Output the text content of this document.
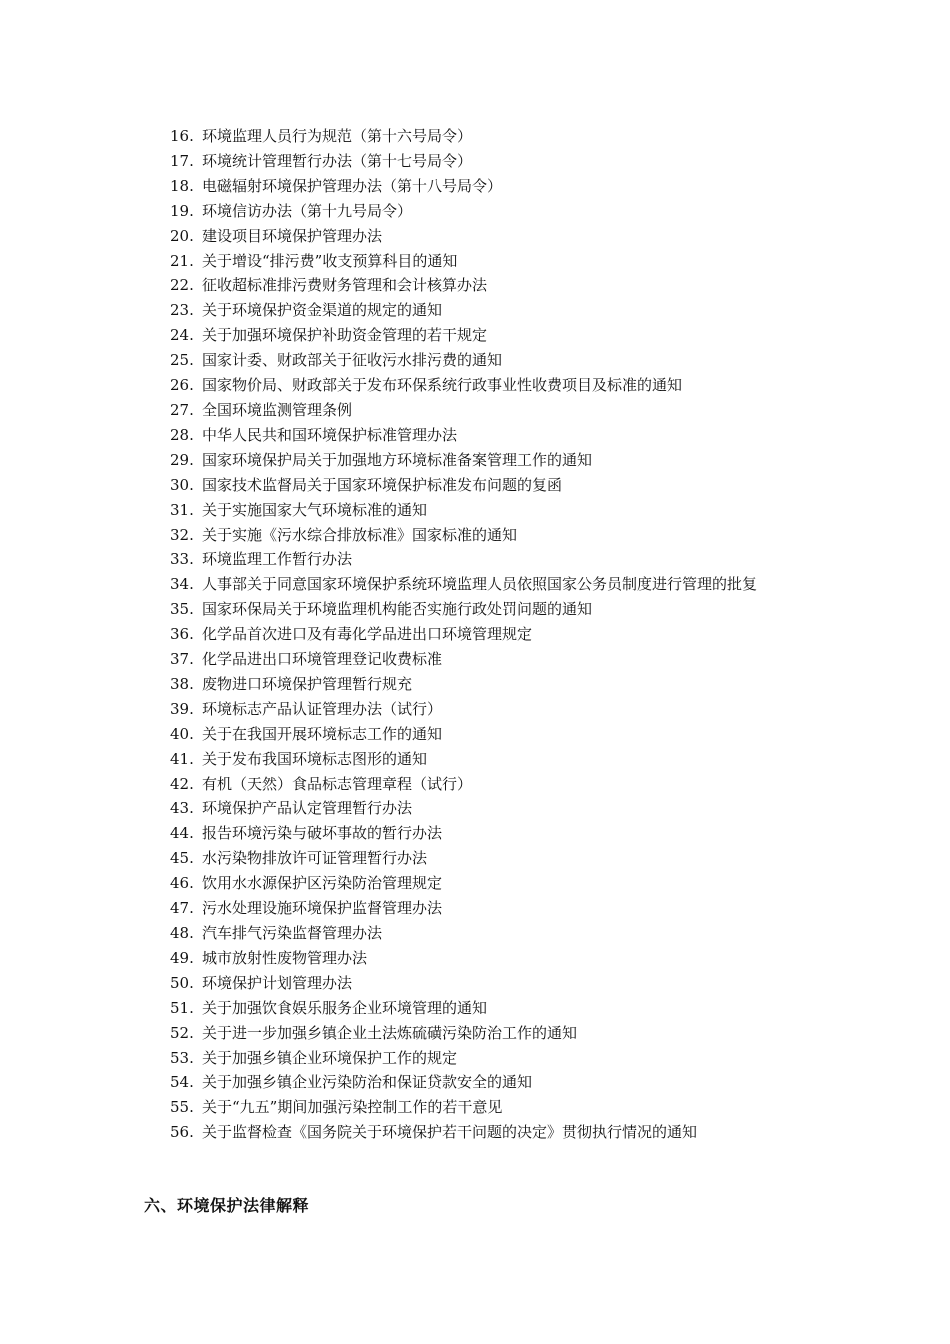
16. 环境监理人员行为规范（第十六号局令）
17. 环境统计管理暂行办法（第十七号局令）
18. 电磁辐射环境保护管理办法（第十八号局令）
19. 环境信访办法（第十九号局令）
20. 建设项目环境保护管理办法
21. 关于增设“排污费”收支预算科目的通知
22. 征收超标准排污费财务管理和会计核算办法
23. 关于环境保护资金渠道的规定的通知
24. 关于加强环境保护补助资金管理的若干规定
25. 国家计委、财政部关于征收污水排污费的通知
26. 国家物价局、财政部关于发布环保系统行政事业性收费项目及标准的通知
27. 全国环境监测管理条例
28. 中华人民共和国环境保护标准管理办法
29. 国家环境保护局关于加强地方环境标准备案管理工作的通知
30. 国家技术监督局关于国家环境保护标准发布问题的复函
31. 关于实施国家大气环境标准的通知
32. 关于实施《污水综合排放标准》国家标准的通知
33. 环境监理工作暂行办法
34. 人事部关于同意国家环境保护系统环境监理人员依照国家公务员制度进行管理的批复
35. 国家环保局关于环境监理机构能否实施行政处罚问题的通知
36. 化学品首次进口及有毒化学品进出口环境管理规定
37. 化学品进出口环境管理登记收费标准
38. 废物进口环境保护管理暂行规充
39. 环境标志产品认证管理办法（试行）
40. 关于在我国开展环境标志工作的通知
41. 关于发布我国环境标志图形的通知
42. 有机（天然）食品标志管理章程（试行）
43. 环境保护产品认定管理暂行办法
44. 报告环境污染与破坏事故的暂行办法
45. 水污染物排放许可证管理暂行办法
46. 饮用水水源保护区污染防治管理规定
47. 污水处理设施环境保护监督管理办法
48. 汽车排气污染监督管理办法
49. 城市放射性废物管理办法
50. 环境保护计划管理办法
51. 关于加强饮食娱乐服务企业环境管理的通知
52. 关于进一步加强乡镇企业土法炼硫磺污染防治工作的通知
53. 关于加强乡镇企业环境保护工作的规定
54. 关于加强乡镇企业污染防治和保证贷款安全的通知
55. 关于“九五”期间加强污染控制工作的若干意见
56. 关于监督检查《国务院关于环境保护若干问题的决定》贯彻执行情况的通知
六、环境保护法律解释
